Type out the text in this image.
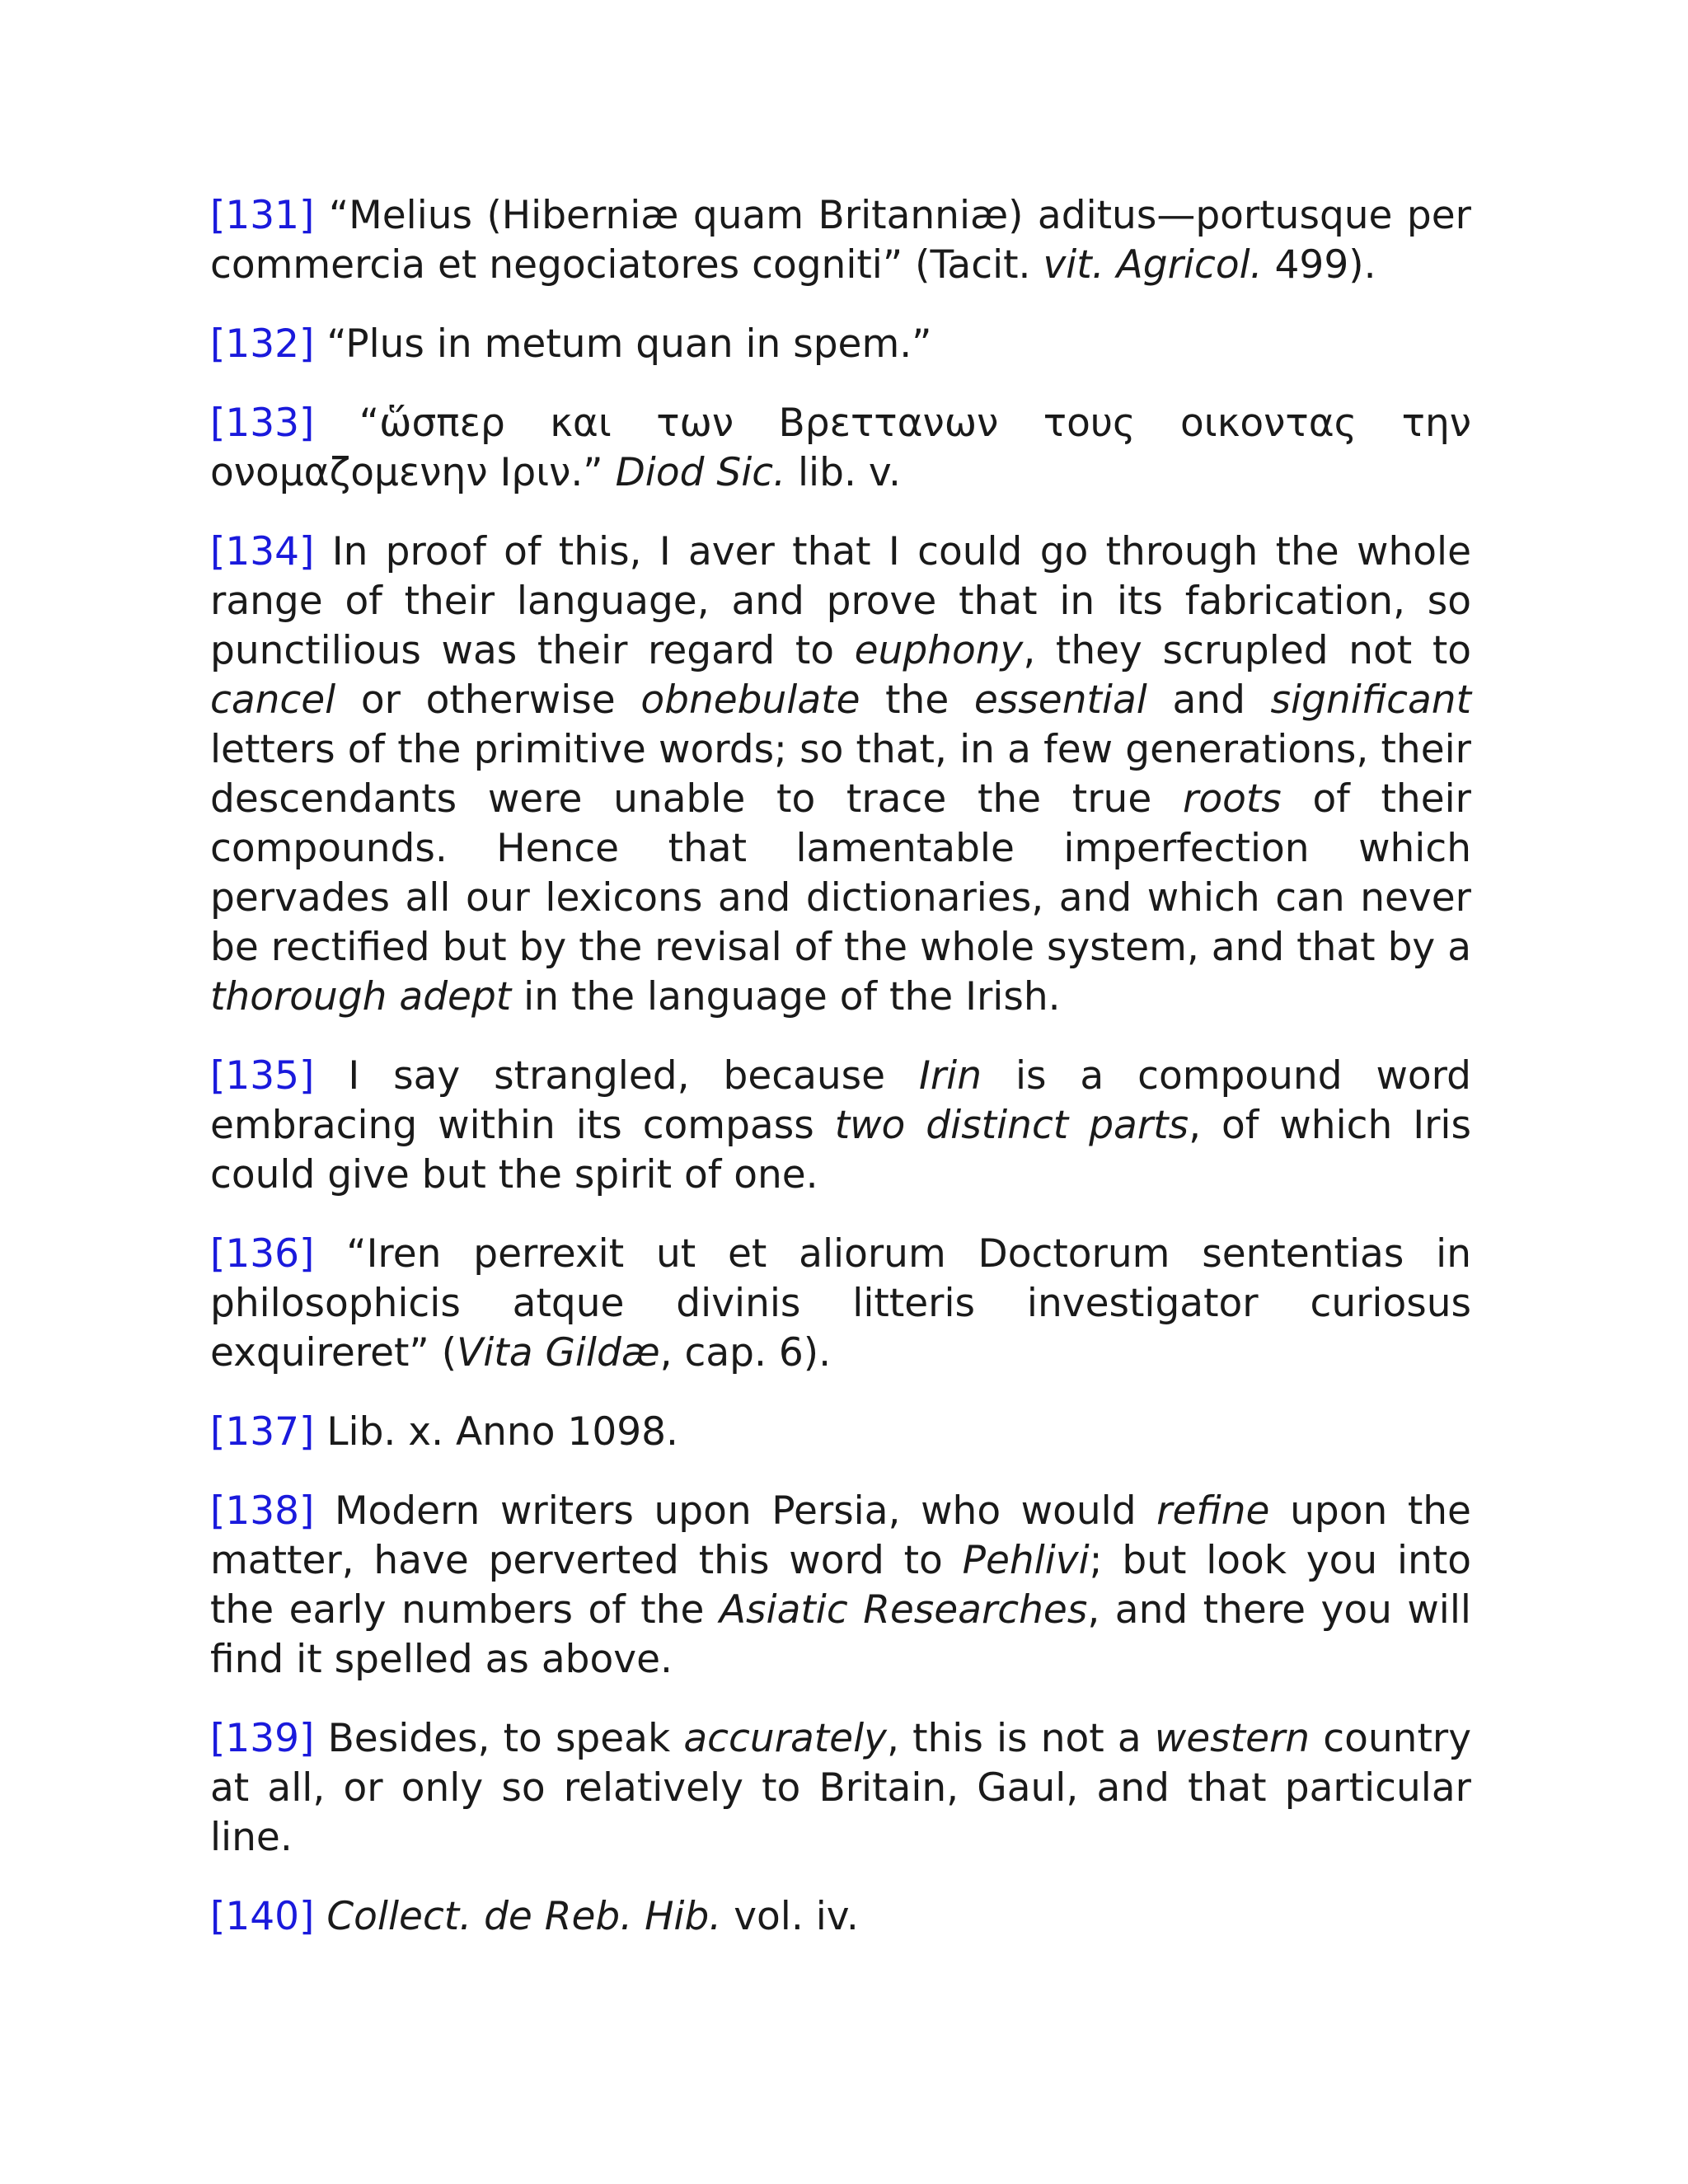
[131] “Melius (Hiberniæ quam Britanniæ) aditus—portusque per commercia et negociatores cogniti” (Tacit. vit. Agricol. 499).

[132] “Plus in metum quan in spem.”

[133] “ὥσπερ και των Βρεττανων τους οικοντας την ονομαζομενην Ιριν.” Diod Sic. lib. v.

[134] In proof of this, I aver that I could go through the whole range of their language, and prove that in its fabrication, so punctilious was their regard to euphony, they scrupled not to cancel or otherwise obnebulate the essential and significant letters of the primitive words; so that, in a few generations, their descendants were unable to trace the true roots of their compounds. Hence that lamentable imperfection which pervades all our lexicons and dictionaries, and which can never be rectified but by the revisal of the whole system, and that by a thorough adept in the language of the Irish.

[135] I say strangled, because Irin is a compound word embracing within its compass two distinct parts, of which Iris could give but the spirit of one.

[136] “Iren perrexit ut et aliorum Doctorum sententias in philosophicis atque divinis litteris investigator curiosus exquireret” (Vita Gildæ, cap. 6).

[137] Lib. x. Anno 1098.

[138] Modern writers upon Persia, who would refine upon the matter, have perverted this word to Pehlivi; but look you into the early numbers of the Asiatic Researches, and there you will find it spelled as above.

[139] Besides, to speak accurately, this is not a western country at all, or only so relatively to Britain, Gaul, and that particular line.

[140] Collect. de Reb. Hib. vol. iv.
